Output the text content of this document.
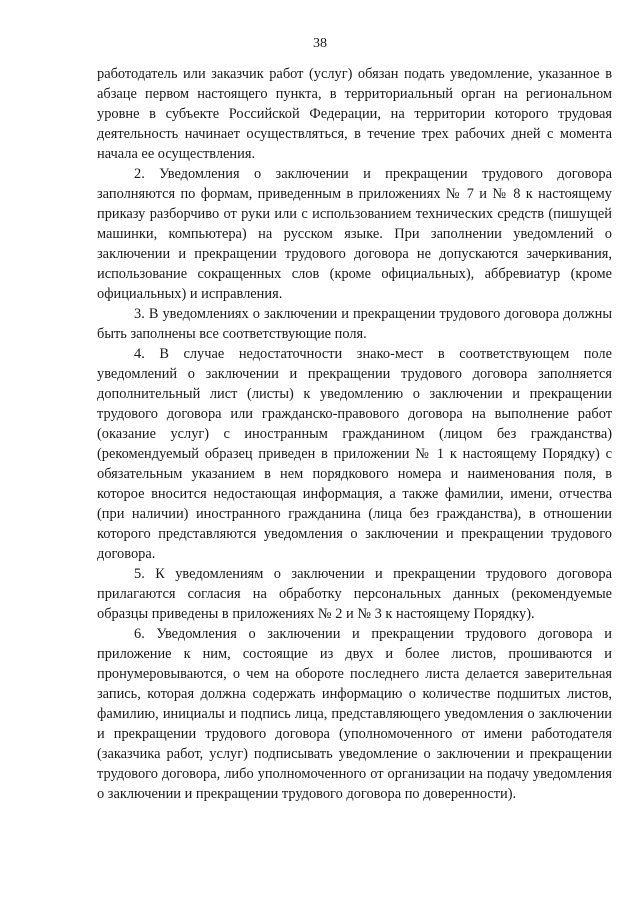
38

работодатель или заказчик работ (услуг) обязан подать уведомление, указанное в абзаце первом настоящего пункта, в территориальный орган на региональном уровне в субъекте Российской Федерации, на территории которого трудовая деятельность начинает осуществляться, в течение трех рабочих дней с момента начала ее осуществления.

2. Уведомления о заключении и прекращении трудового договора заполняются по формам, приведенным в приложениях № 7 и № 8 к настоящему приказу разборчиво от руки или с использованием технических средств (пишущей машинки, компьютера) на русском языке. При заполнении уведомлений о заключении и прекращении трудового договора не допускаются зачеркивания, использование сокращенных слов (кроме официальных), аббревиатур (кроме официальных) и исправления.

3. В уведомлениях о заключении и прекращении трудового договора должны быть заполнены все соответствующие поля.

4. В случае недостаточности знако-мест в соответствующем поле уведомлений о заключении и прекращении трудового договора заполняется дополнительный лист (листы) к уведомлению о заключении и прекращении трудового договора или гражданско-правового договора на выполнение работ (оказание услуг) с иностранным гражданином (лицом без гражданства) (рекомендуемый образец приведен в приложении № 1 к настоящему Порядку) с обязательным указанием в нем порядкового номера и наименования поля, в которое вносится недостающая информация, а также фамилии, имени, отчества (при наличии) иностранного гражданина (лица без гражданства), в отношении которого представляются уведомления о заключении и прекращении трудового договора.

5. К уведомлениям о заключении и прекращении трудового договора прилагаются согласия на обработку персональных данных (рекомендуемые образцы приведены в приложениях № 2 и № 3 к настоящему Порядку).

6. Уведомления о заключении и прекращении трудового договора и приложение к ним, состоящие из двух и более листов, прошиваются и пронумеровываются, о чем на обороте последнего листа делается заверительная запись, которая должна содержать информацию о количестве подшитых листов, фамилию, инициалы и подпись лица, представляющего уведомления о заключении и прекращении трудового договора (уполномоченного от имени работодателя (заказчика работ, услуг) подписывать уведомление о заключении и прекращении трудового договора, либо уполномоченного от организации на подачу уведомления о заключении и прекращении трудового договора по доверенности).
